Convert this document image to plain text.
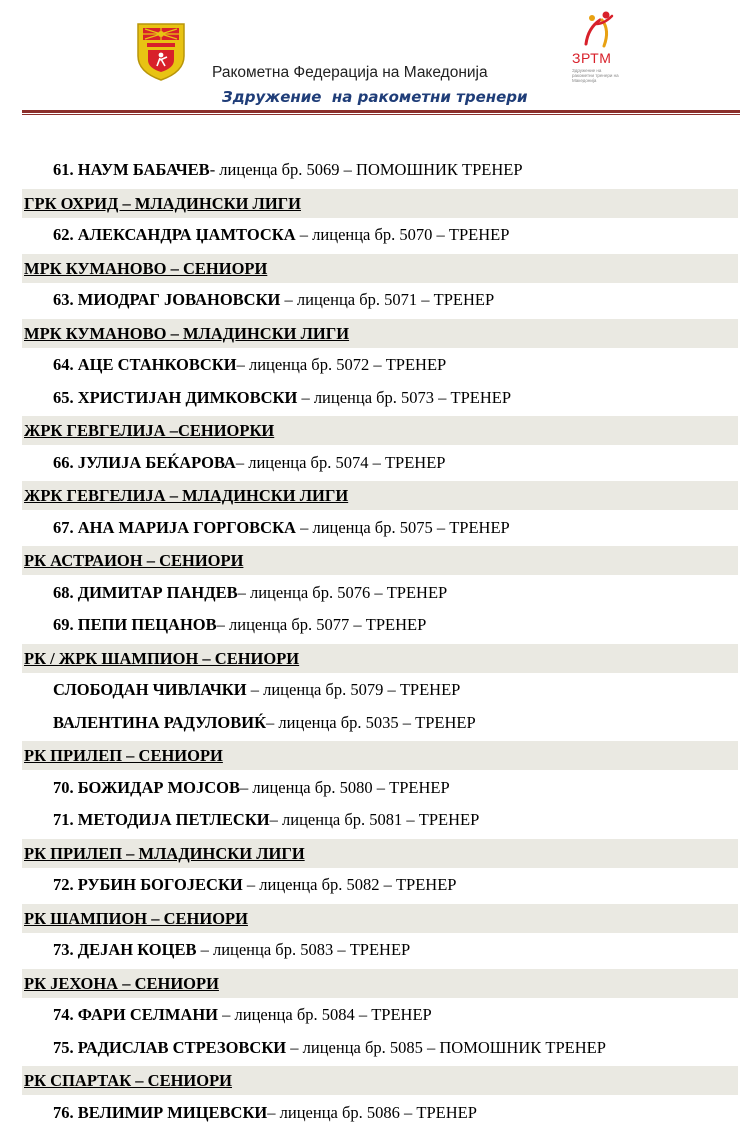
ЗРТМ
Здружение на ракометни тренери на Македонија
Ракометна Федерација на Македонија
Здружение  на ракометни тренери
61. НАУМ БАБАЧЕВ- лиценца бр. 5069 – ПОМОШНИК ТРЕНЕР
ГРК ОХРИД – МЛАДИНСКИ ЛИГИ
62. АЛЕКСАНДРА ЏАМТОСКА – лиценца бр. 5070 – ТРЕНЕР
МРК КУМАНОВО – СЕНИОРИ
63. МИОДРАГ ЈОВАНОВСКИ – лиценца бр. 5071 – ТРЕНЕР
МРК КУМАНОВО – МЛАДИНСКИ ЛИГИ
64. АЦЕ СТАНКОВСКИ– лиценца бр. 5072 – ТРЕНЕР
65. ХРИСТИЈАН ДИМКОВСКИ – лиценца бр. 5073 – ТРЕНЕР
ЖРК ГЕВГЕЛИЈА –СЕНИОРКИ
66. ЈУЛИЈА БЕЌАРОВА– лиценца бр. 5074 – ТРЕНЕР
ЖРК ГЕВГЕЛИЈА – МЛАДИНСКИ ЛИГИ
67. АНА МАРИЈА ГОРГОВСКА – лиценца бр. 5075 – ТРЕНЕР
РК АСТРАИОН – СЕНИОРИ
68. ДИМИТАР ПАНДЕВ– лиценца бр. 5076 – ТРЕНЕР
69. ПЕПИ ПЕЦАНОВ– лиценца бр. 5077 – ТРЕНЕР
РК / ЖРК ШАМПИОН – СЕНИОРИ
СЛОБОДАН ЧИВЛАЧКИ – лиценца бр. 5079 – ТРЕНЕР
ВАЛЕНТИНА РАДУЛОВИЌ– лиценца бр. 5035 – ТРЕНЕР
РК ПРИЛЕП – СЕНИОРИ
70. БОЖИДАР МОЈСОВ– лиценца бр. 5080 – ТРЕНЕР
71. МЕТОДИЈА ПЕТЛЕСКИ– лиценца бр. 5081 – ТРЕНЕР
РК ПРИЛЕП – МЛАДИНСКИ ЛИГИ
72. РУБИН БОГОЈЕСКИ – лиценца бр. 5082 – ТРЕНЕР
РК ШАМПИОН – СЕНИОРИ
73. ДЕЈАН КОЦЕВ – лиценца бр. 5083 – ТРЕНЕР
РК ЈЕХОНА – СЕНИОРИ
74. ФАРИ СЕЛМАНИ – лиценца бр. 5084 – ТРЕНЕР
75. РАДИСЛАВ СТРЕЗОВСКИ – лиценца бр. 5085 – ПОМОШНИК ТРЕНЕР
РК СПАРТАК – СЕНИОРИ
76. ВЕЛИМИР МИЦЕВСКИ– лиценца бр. 5086 – ТРЕНЕР
